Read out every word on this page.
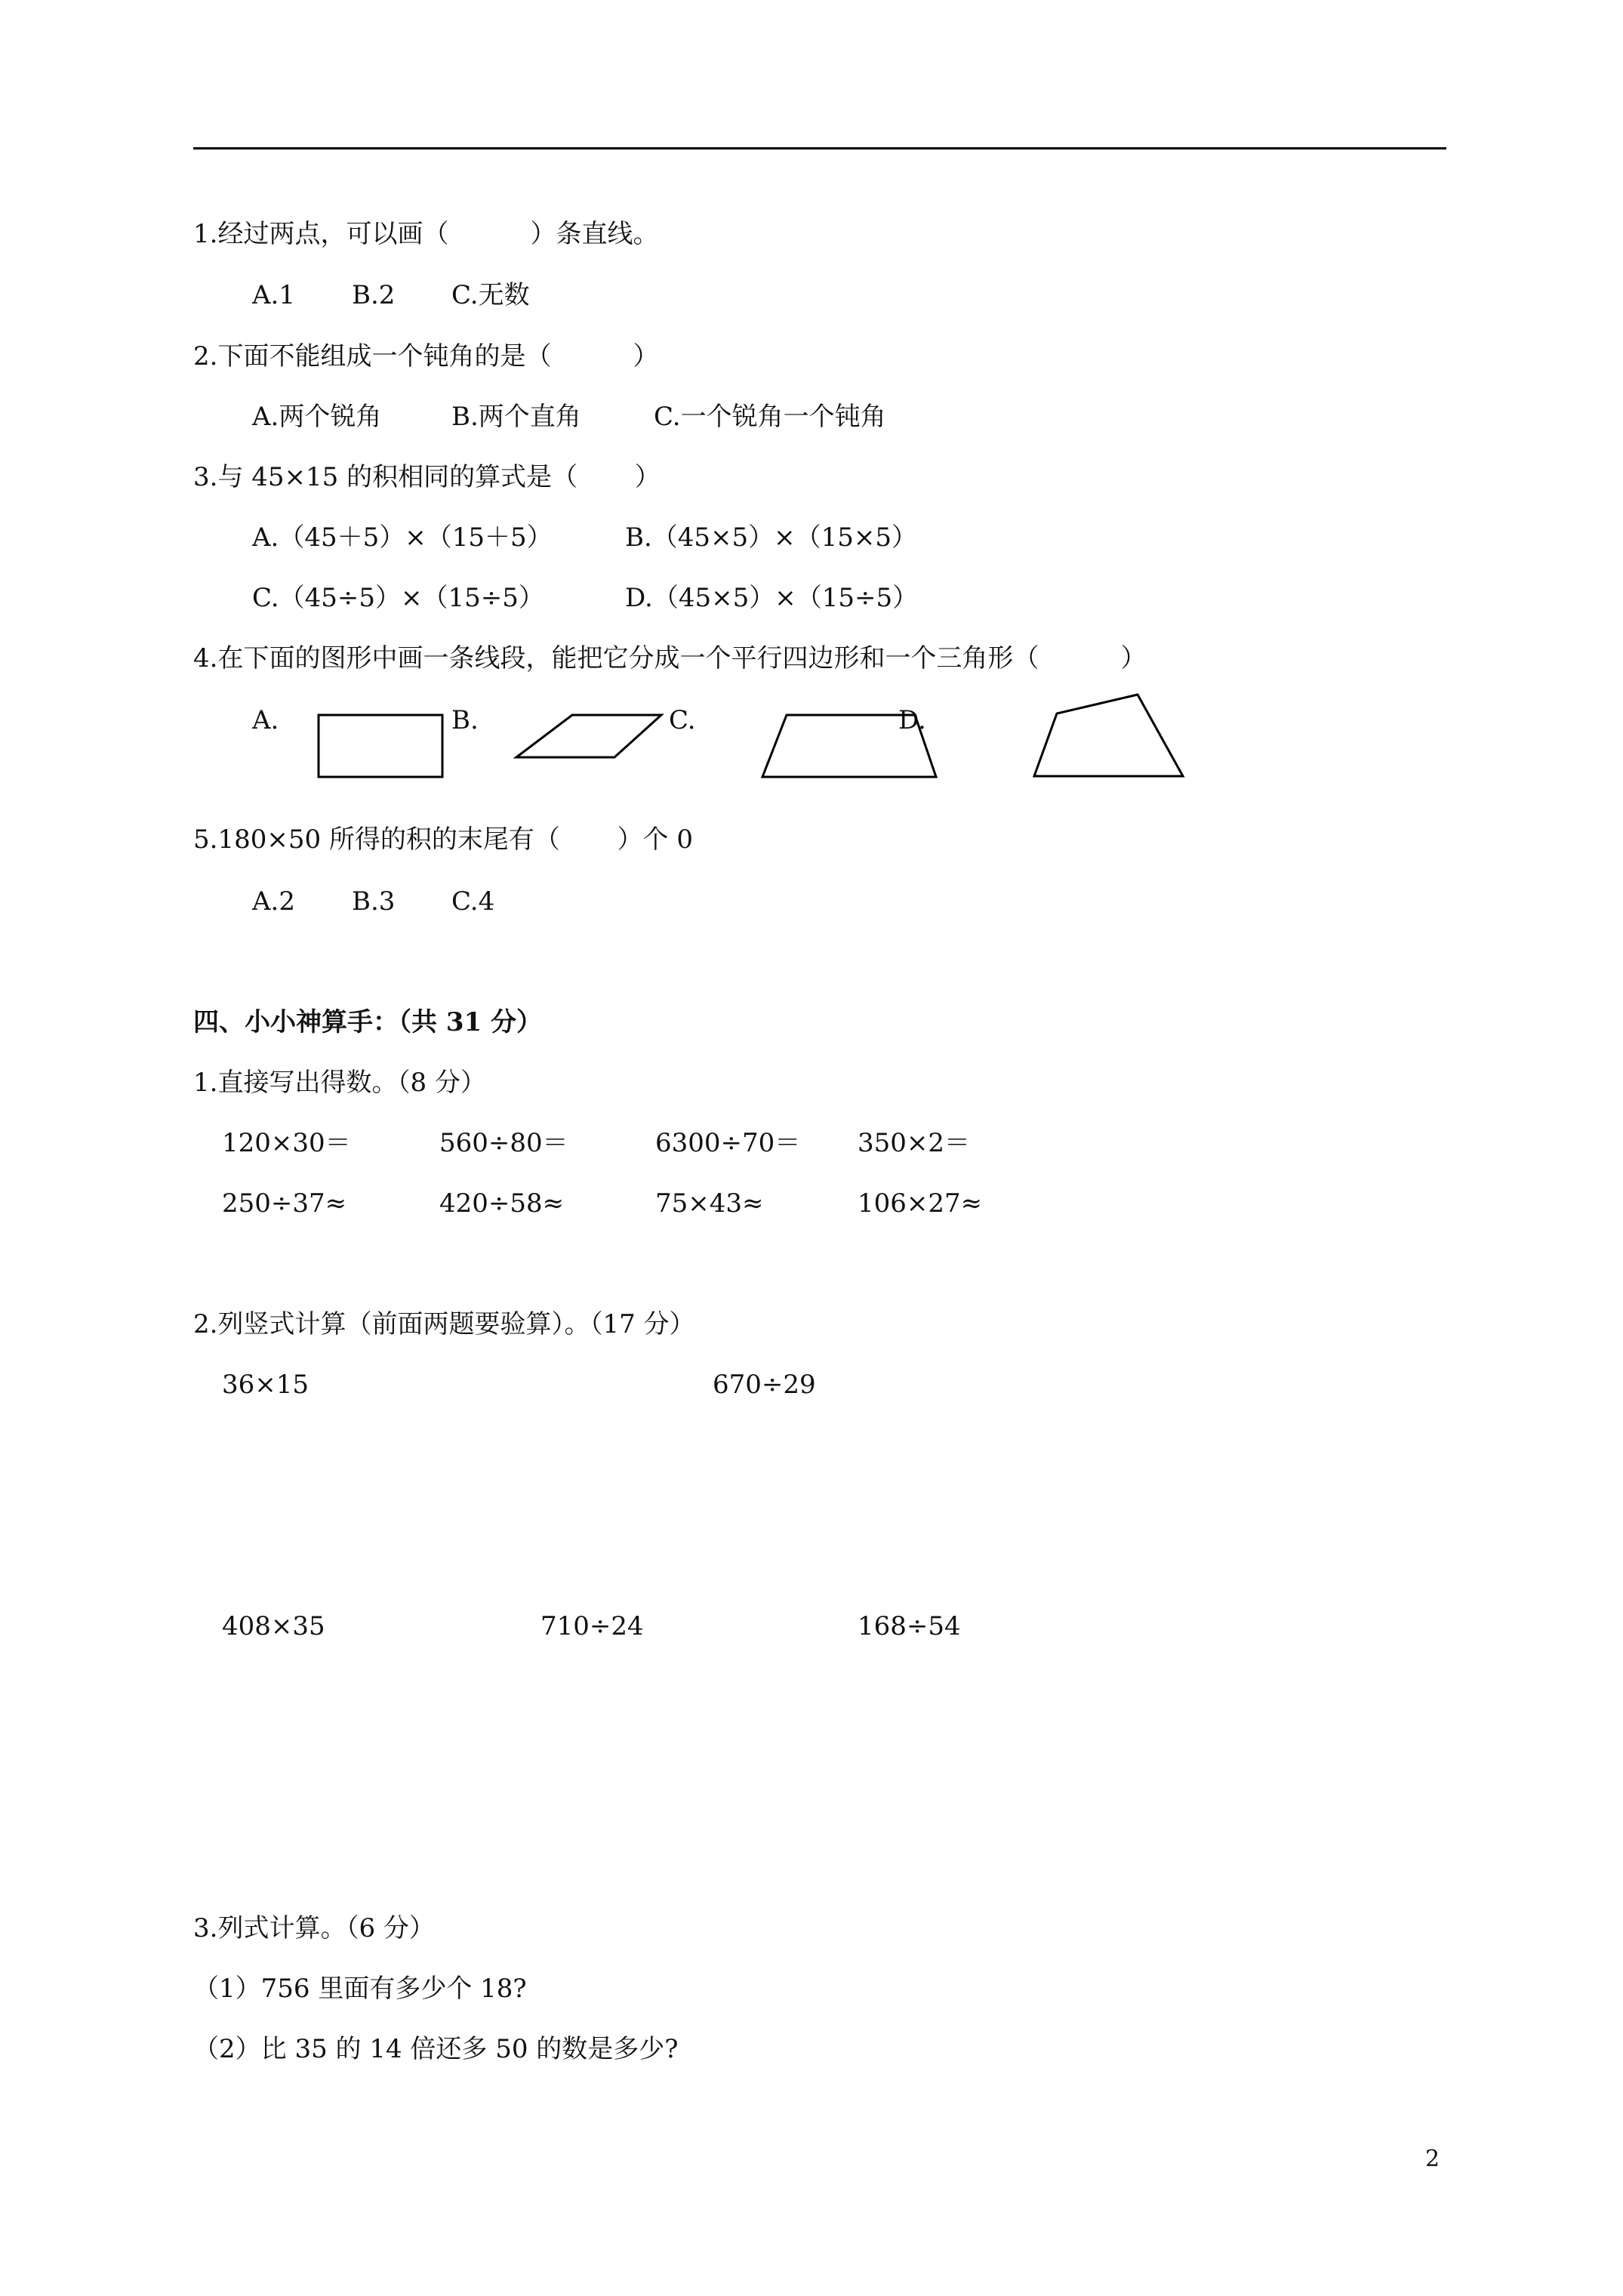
1.经过两点，可以画（          ）条直线。
A.1 B.2 C.无数
2.下面不能组成一个钝角的是（          ）
A.两个锐角	B.两个直角	C.一个锐角一个钝角
3.与 45×15 的积相同的算式是（       ）
A.（45＋5）×（15＋5）	B.（45×5）×（15×5）
C.（45÷5）×（15÷5）	D.（45×5）×（15÷5）
4.在下面的图形中画一条线段，能把它分成一个平行四边形和一个三角形（          ）
A.	B.	C.	D.
5.180×50 所得的积的末尾有（       ）个 0
A.2 B.3 C.4
四、小小神算手：（共 31 分）
1.直接写出得数。（8 分）
120×30＝	560÷80＝	6300÷70＝ 350×2＝
250÷37≈	420÷58≈	75×43≈	106×27≈
2.列竖式计算（前面两题要验算）。（17 分）
36×15	670÷29
408×35	710÷24	168÷54
3.列式计算。（6 分）
（1）756 里面有多少个 18?
（2）比 35 的 14 倍还多 50 的数是多少?
2
